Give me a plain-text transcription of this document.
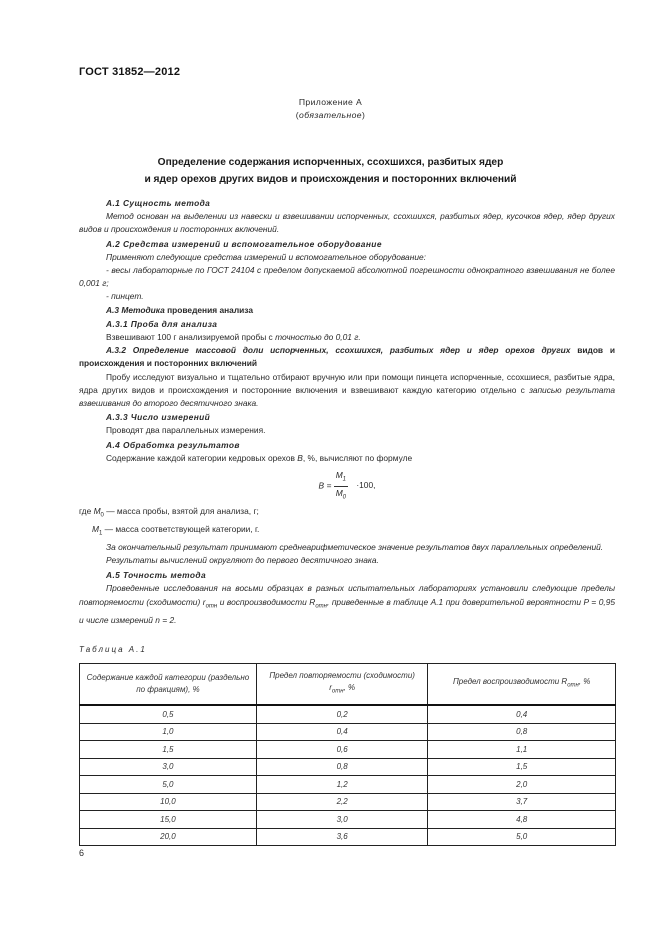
ГОСТ 31852—2012
Приложение А
(обязательное)
Определение содержания испорченных, ссохшихся, разбитых ядер
и ядер орехов других видов и происхождения и посторонних включений

А.1 Сущность метода

Метод основан на выделении из навески и взвешивании испорченных, ссохшихся, разбитых ядер, кусочков ядер, ядер других видов и происхождения и посторонних включений.

А.2 Средства измерений и вспомогательное оборудование

Применяют следующие средства измерений и вспомогательное оборудование:

- весы лабораторные по ГОСТ 24104 с пределом допускаемой абсолютной погрешности однократного взвешивания не более 0,001 г;

- пинцет.

А.3 Методика проведения анализа

А.3.1 Проба для анализа

Взвешивают 100 г анализируемой пробы с точностью до 0,01 г.

А.3.2 Определение массовой доли испорченных, ссохшихся, разбитых ядер и ядер орехов других видов и происхождения и посторонних включений

Пробу исследуют визуально и тщательно отбирают вручную или при помощи пинцета испорченные, ссохшиеся, разбитые ядра, ядра других видов и происхождения и посторонние включения и взвешивают каждую категорию отдельно с записью результата взвешивания до второго десятичного знака.

А.3.3 Число измерений

Проводят два параллельных измерения.

А.4 Обработка результатов

Содержание каждой категории кедровых орехов B, %, вычисляют по формуле

$B = \frac{M_1}{M_0} \cdot 100$,

где $M_0$ — масса пробы, взятой для анализа, г;

$M_1$ — масса соответствующей категории, г.

За окончательный результат принимают среднеарифметическое значение результатов двух параллельных определений.

Результаты вычислений округляют до первого десятичного знака.

А.5 Точность метода

Проведенные исследования на восьми образцах в разных испытательных лабораториях установили следующие пределы повторяемости (сходимости) $r_{отн}$ и воспроизводимости $R_{отн}$, приведенные в таблице А.1 при доверительной вероятности P = 0,95 и числе измерений n = 2.

Таблица А.1
Содержание каждой категории (раздельно по фракциям), %	Предел повторяемости (сходимости)
$r_{отн}$, %	Предел воспроизводимости $R_{отн}$, %
0,5	0,2	0,4
1,0	0,4	0,8
1,5	0,6	1,1
3,0	0,8	1,5
5,0	1,2	2,0
10,0	2,2	3,7
15,0	3,0	4,8
20,0	3,6	5,0
6
